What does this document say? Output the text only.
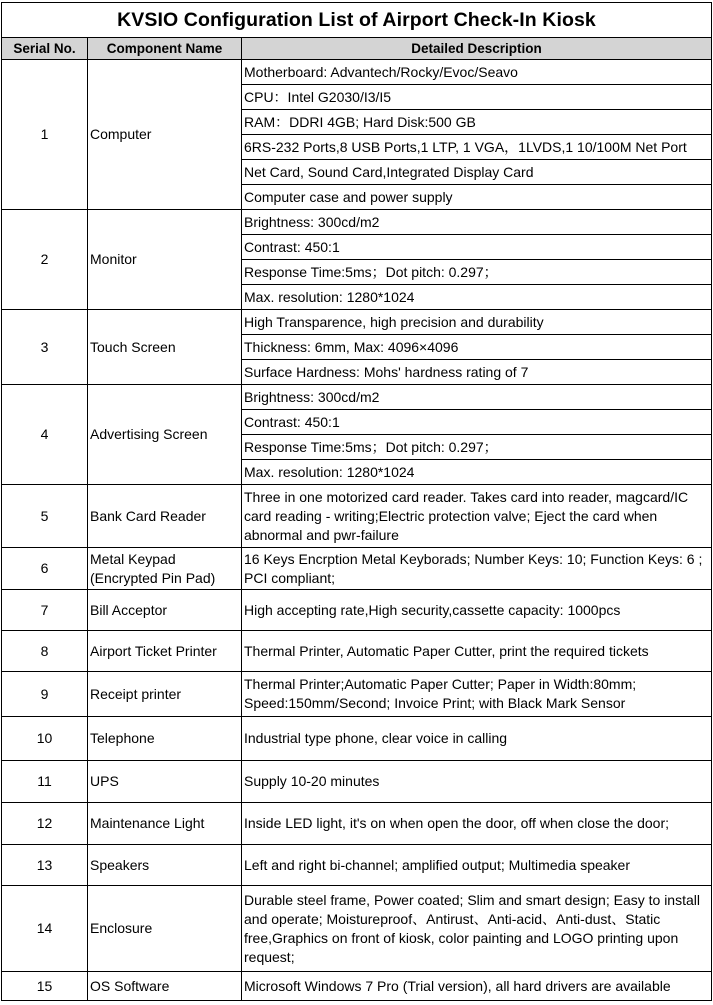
KVSIO Configuration List of Airport Check-In Kiosk		
Serial No.	Component Name	Detailed Description
1	Computer	Motherboard: Advantech/Rocky/Evoc/Seavo
		CPU：Intel G2030/I3/I5
		RAM：DDRI 4GB; Hard Disk:500 GB
		6RS-232 Ports,8 USB Ports,1 LTP, 1 VGA，1LVDS,1 10/100M Net Port
		Net Card, Sound Card,Integrated Display Card
		Computer case and power supply
2	Monitor	Brightness: 300cd/m2
		Contrast: 450:1
		Response Time:5ms；Dot pitch: 0.297；
		Max. resolution: 1280*1024
3	Touch Screen	High Transparence, high precision and durability
		Thickness: 6mm, Max: 4096×4096
		Surface Hardness: Mohs' hardness rating of 7
4	Advertising Screen	Brightness: 300cd/m2
		Contrast: 450:1
		Response Time:5ms；Dot pitch: 0.297；
		Max. resolution: 1280*1024
5	Bank Card Reader	Three in one motorized card reader. Takes card into reader, magcard/IC card reading - writing;Electric protection valve; Eject the card when abnormal and pwr-failure
6	Metal Keypad (Encrypted Pin Pad)	16 Keys Encrption Metal Keyborads; Number Keys: 10; Function Keys: 6 ; PCI compliant;
7	Bill Acceptor	High accepting rate,High security,cassette capacity: 1000pcs
8	Airport Ticket Printer	Thermal Printer, Automatic Paper Cutter, print the required tickets
9	Receipt printer	Thermal Printer;Automatic Paper Cutter; Paper in Width:80mm; Speed:150mm/Second; Invoice Print; with Black Mark Sensor
10	Telephone	Industrial type phone, clear voice in calling
11	UPS	Supply 10-20 minutes
12	Maintenance Light	Inside LED light, it's on when open the door, off when close the door;
13	Speakers	Left and right bi-channel; amplified output; Multimedia speaker
14	Enclosure	Durable steel frame, Power coated; Slim and smart design; Easy to install and operate; Moistureproof、Antirust、Anti-acid、Anti-dust、Static free,Graphics on front of kiosk, color painting and LOGO printing upon request;
15	OS Software	Microsoft Windows 7 Pro (Trial version), all hard drivers are available
